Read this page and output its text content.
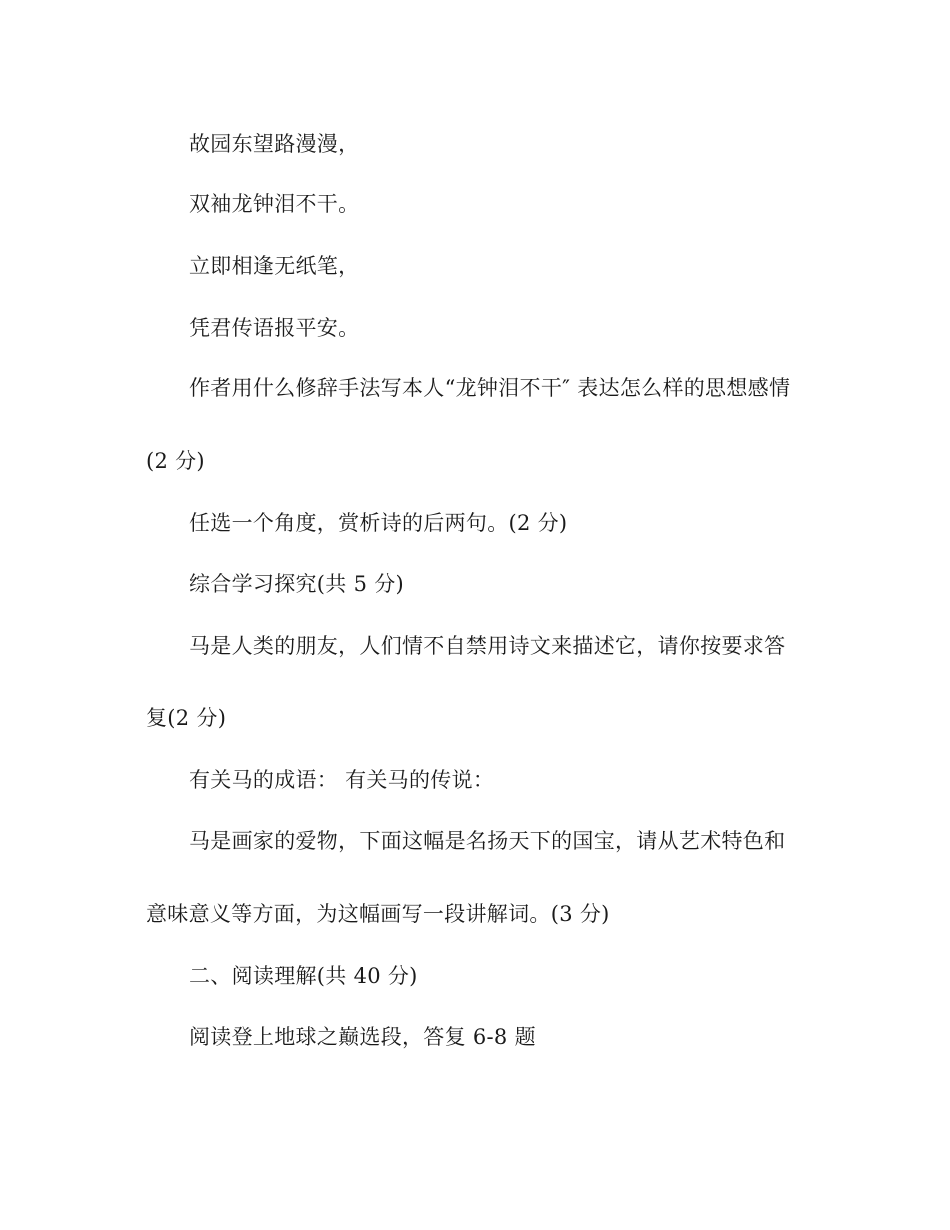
故园东望路漫漫，
双袖龙钟泪不干。
立即相逢无纸笔，
凭君传语报平安。
作者用什么修辞手法写本人“龙钟泪不干″ 表达怎么样的思想感情
(2 分)
任选一个角度，赏析诗的后两句。(2 分)
综合学习探究(共 5 分)
马是人类的朋友，人们情不自禁用诗文来描述它，请你按要求答
复(2 分)
有关马的成语： 有关马的传说：
马是画家的爱物，下面这幅是名扬天下的国宝，请从艺术特色和
意味意义等方面，为这幅画写一段讲解词。(3 分)
二、阅读理解(共 40 分)
阅读登上地球之巅选段，答复 6-8 题
